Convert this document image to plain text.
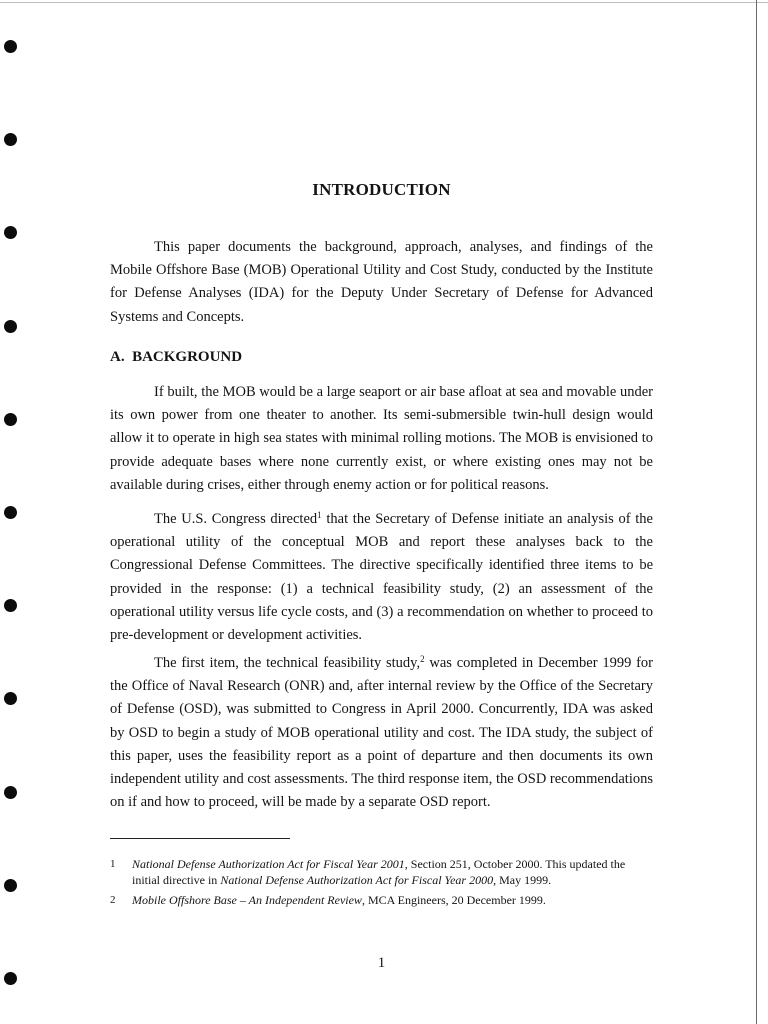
INTRODUCTION

This paper documents the background, approach, analyses, and findings of the Mobile Offshore Base (MOB) Operational Utility and Cost Study, conducted by the Institute for Defense Analyses (IDA) for the Deputy Under Secretary of Defense for Advanced Systems and Concepts.

A. BACKGROUND

If built, the MOB would be a large seaport or air base afloat at sea and movable under its own power from one theater to another. Its semi-submersible twin-hull design would allow it to operate in high sea states with minimal rolling motions. The MOB is envisioned to provide adequate bases where none currently exist, or where existing ones may not be available during crises, either through enemy action or for political reasons.

The U.S. Congress directed$^1$ that the Secretary of Defense initiate an analysis of the operational utility of the conceptual MOB and report these analyses back to the Congressional Defense Committees. The directive specifically identified three items to be provided in the response: (1) a technical feasibility study, (2) an assessment of the operational utility versus life cycle costs, and (3) a recommendation on whether to proceed to pre-development or development activities.

The first item, the technical feasibility study,$^2$ was completed in December 1999 for the Office of Naval Research (ONR) and, after internal review by the Office of the Secretary of Defense (OSD), was submitted to Congress in April 2000. Concurrently, IDA was asked by OSD to begin a study of MOB operational utility and cost. The IDA study, the subject of this paper, uses the feasibility report as a point of departure and then documents its own independent utility and cost assessments. The third response item, the OSD recommendations on if and how to proceed, will be made by a separate OSD report.

1 National Defense Authorization Act for Fiscal Year 2001, Section 251, October 2000. This updated the initial directive in National Defense Authorization Act for Fiscal Year 2000, May 1999.
2 Mobile Offshore Base – An Independent Review, MCA Engineers, 20 December 1999.
1
